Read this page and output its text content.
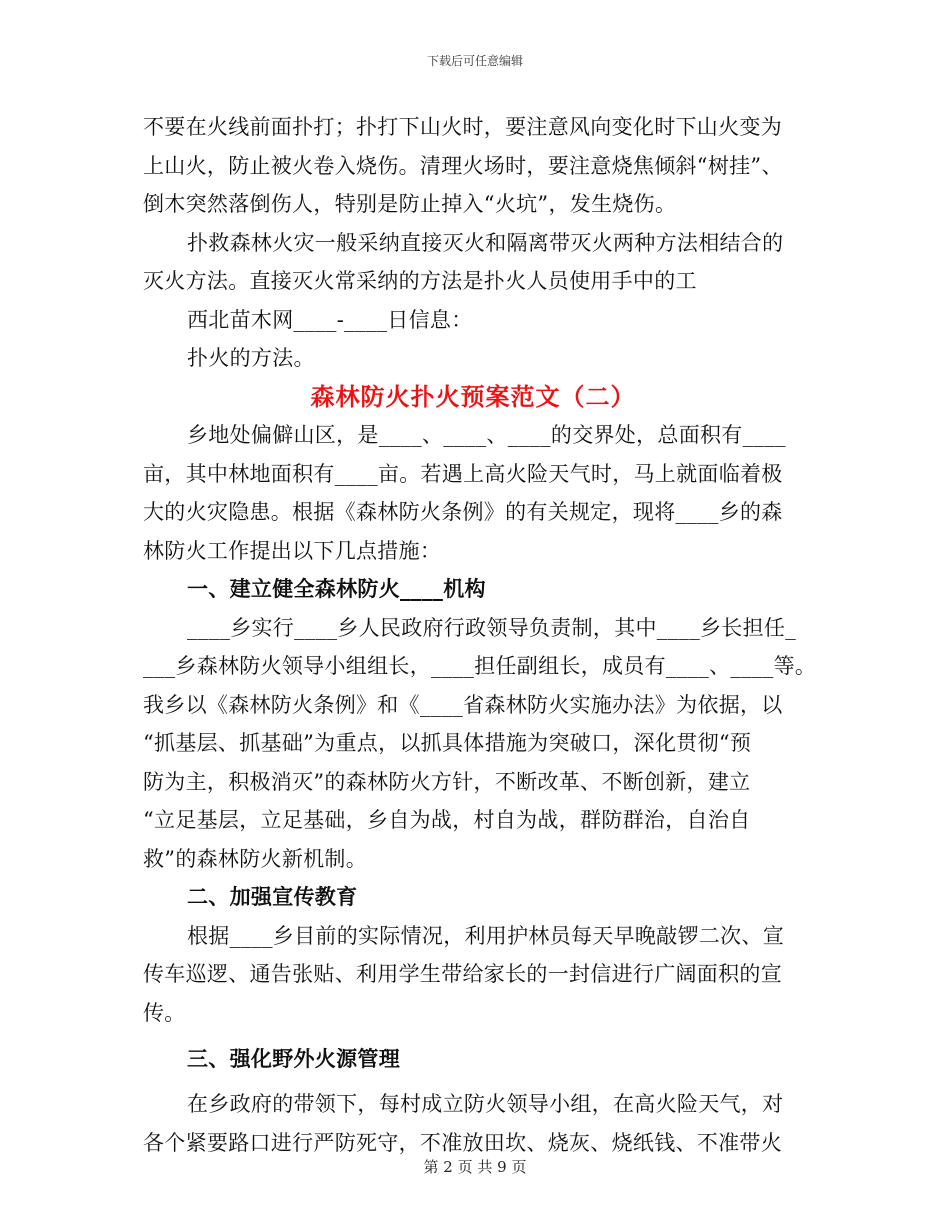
下载后可任意编辑
不要在火线前面扑打；扑打下山火时，要注意风向变化时下山火变为
上山火，防止被火卷入烧伤。清理火场时，要注意烧焦倾斜“树挂”、
倒木突然落倒伤人，特别是防止掉入“火坑”，发生烧伤。
扑救森林火灾一般采纳直接灭火和隔离带灭火两种方法相结合的
灭火方法。直接灭火常采纳的方法是扑火人员使用手中的工
西北苗木网____-____日信息：
扑火的方法。
森林防火扑火预案范文（二）
乡地处偏僻山区，是____、____、____的交界处，总面积有____
亩，其中林地面积有____亩。若遇上高火险天气时，马上就面临着极
大的火灾隐患。根据《森林防火条例》的有关规定，现将____乡的森
林防火工作提出以下几点措施：
一、建立健全森林防火____机构
____乡实行____乡人民政府行政领导负责制，其中____乡长担任_
___乡森林防火领导小组组长，____担任副组长，成员有____、____等。
我乡以《森林防火条例》和《____省森林防火实施办法》为依据，以
“抓基层、抓基础”为重点，以抓具体措施为突破口，深化贯彻“预
防为主，积极消灭”的森林防火方针，不断改革、不断创新，建立
“立足基层，立足基础，乡自为战，村自为战，群防群治，自治自
救”的森林防火新机制。
二、加强宣传教育
根据____乡目前的实际情况，利用护林员每天早晚敲锣二次、宣
传车巡逻、通告张贴、利用学生带给家长的一封信进行广阔面积的宣
传。
三、强化野外火源管理
在乡政府的带领下，每村成立防火领导小组，在高火险天气，对
各个紧要路口进行严防死守，不准放田坎、烧灰、烧纸钱、不准带火
第 2 页 共 9 页
